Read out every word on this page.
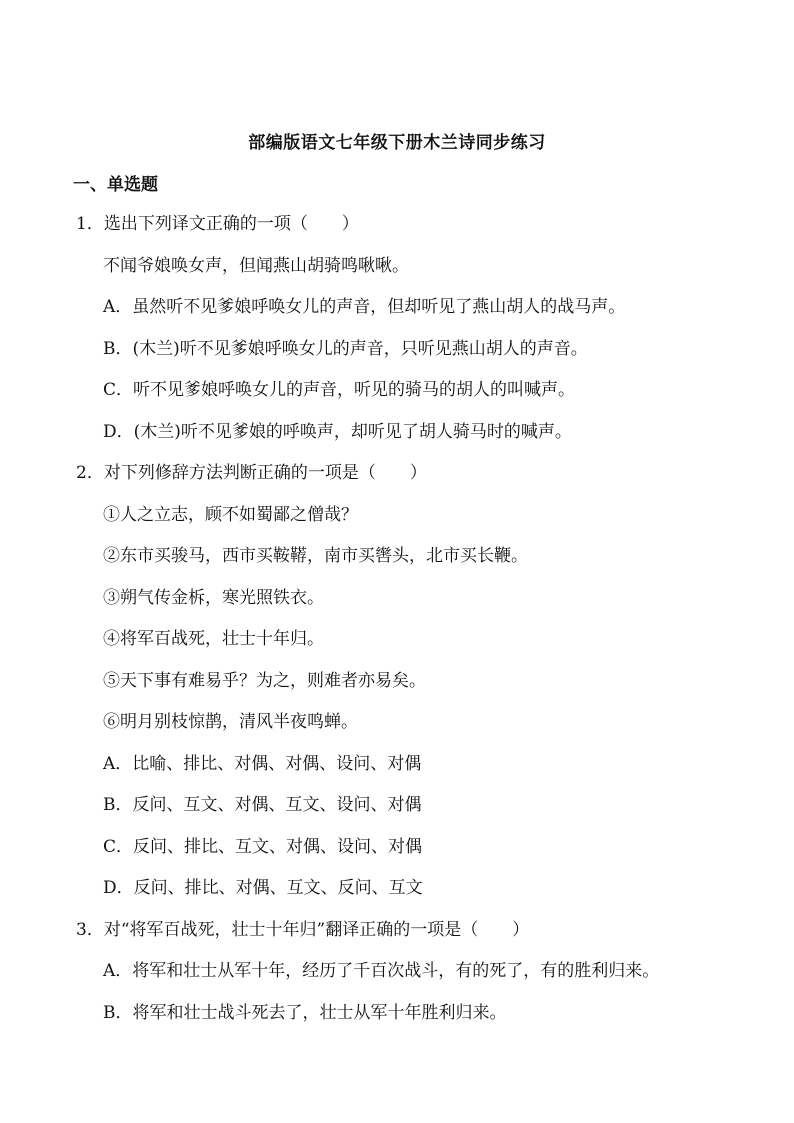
部编版语文七年级下册木兰诗同步练习
一、单选题
1．选出下列译文正确的一项（　　）
不闻爷娘唤女声，但闻燕山胡骑鸣啾啾。
A．虽然听不见爹娘呼唤女儿的声音，但却听见了燕山胡人的战马声。
B．(木兰)听不见爹娘呼唤女儿的声音，只听见燕山胡人的声音。
C．听不见爹娘呼唤女儿的声音，听见的骑马的胡人的叫喊声。
D．(木兰)听不见爹娘的呼唤声，却听见了胡人骑马时的喊声。
2．对下列修辞方法判断正确的一项是（　　）
①人之立志，顾不如蜀鄙之僧哉？
②东市买骏马，西市买鞍鞯，南市买辔头，北市买长鞭。
③朔气传金柝，寒光照铁衣。
④将军百战死，壮士十年归。
⑤天下事有难易乎？为之，则难者亦易矣。
⑥明月别枝惊鹊，清风半夜鸣蝉。
A．比喻、排比、对偶、对偶、设问、对偶
B．反问、互文、对偶、互文、设问、对偶
C．反问、排比、互文、对偶、设问、对偶
D．反问、排比、对偶、互文、反问、互文
3．对“将军百战死，壮士十年归”翻译正确的一项是（　　）
A．将军和壮士从军十年，经历了千百次战斗，有的死了，有的胜利归来。
B．将军和壮士战斗死去了，壮士从军十年胜利归来。
